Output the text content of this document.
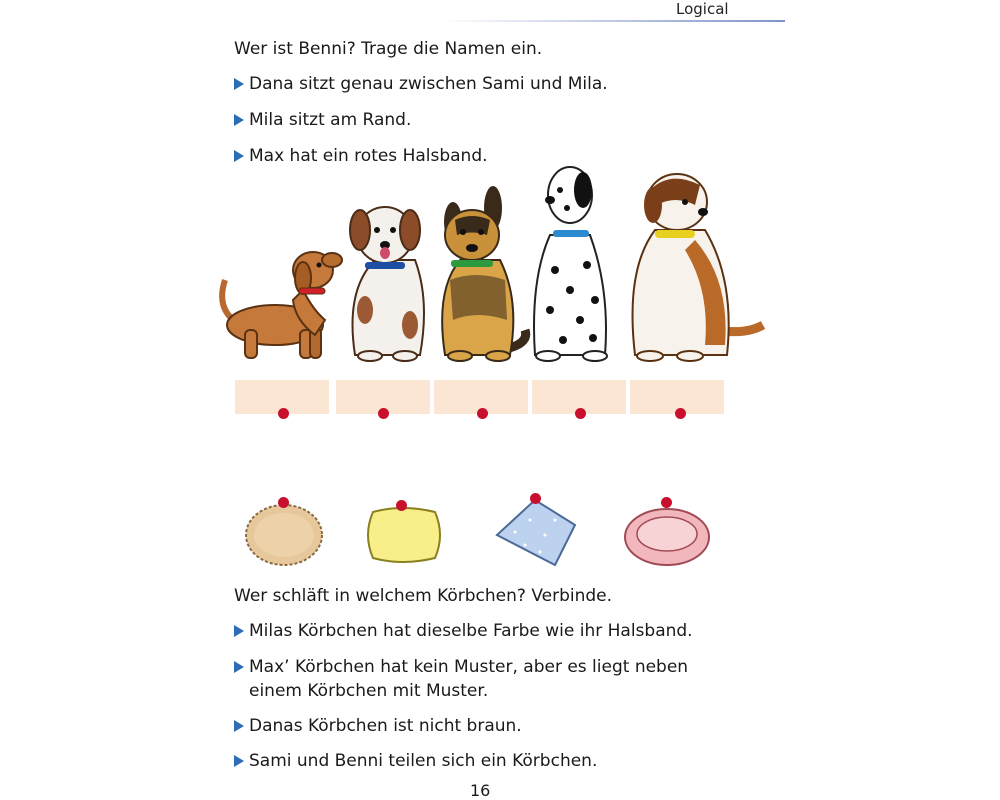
Logical
Wer ist Benni? Trage die Namen ein.
Dana sitzt genau zwischen Sami und Mila.
Mila sitzt am Rand.
Max hat ein rotes Halsband.
Wer schläft in welchem Körbchen? Verbinde.
Milas Körbchen hat dieselbe Farbe wie ihr Halsband.
Max’ Körbchen hat kein Muster, aber es liegt neben
einem Körbchen mit Muster.
Danas Körbchen ist nicht braun.
Sami und Benni teilen sich ein Körbchen.
16
